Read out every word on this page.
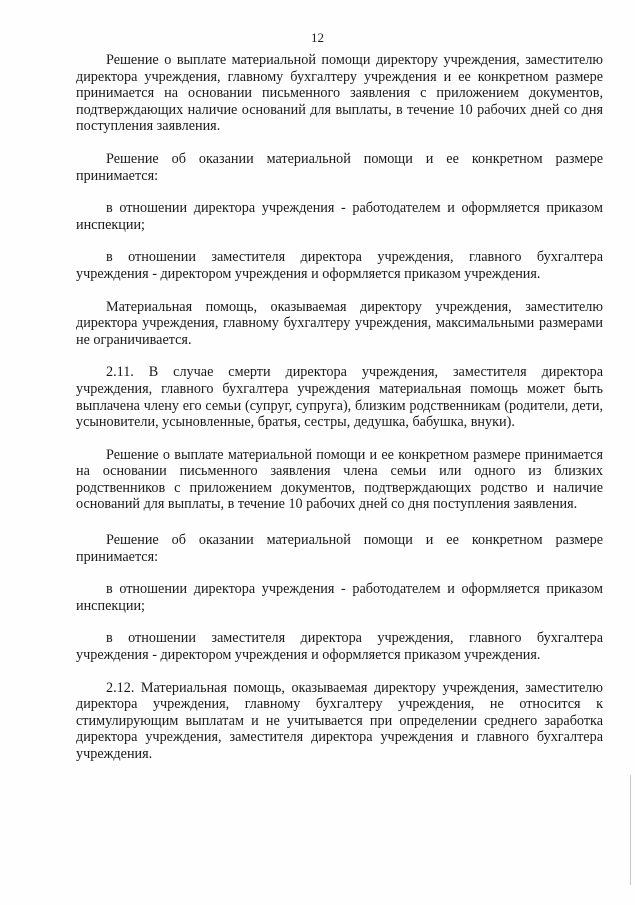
12

Решение о выплате материальной помощи директору учреждения, заместителю директора учреждения, главному бухгалтеру учреждения и ее конкретном размере принимается на основании письменного заявления с приложением документов, подтверждающих наличие оснований для выплаты, в течение 10 рабочих дней со дня поступления заявления.

Решение об оказании материальной помощи и ее конкретном размере принимается:

в отношении директора учреждения - работодателем и оформляется приказом инспекции;

в отношении заместителя директора учреждения, главного бухгалтера учреждения - директором учреждения и оформляется приказом учреждения.

Материальная помощь, оказываемая директору учреждения, заместителю директора учреждения, главному бухгалтеру учреждения, максимальными размерами не ограничивается.

2.11. В случае смерти директора учреждения, заместителя директора учреждения, главного бухгалтера учреждения материальная помощь может быть выплачена члену его семьи (супруг, супруга), близким родственникам (родители, дети, усыновители, усыновленные, братья, сестры, дедушка, бабушка, внуки).

Решение о выплате материальной помощи и ее конкретном размере принимается на основании письменного заявления члена семьи или одного из близких родственников с приложением документов, подтверждающих родство и наличие оснований для выплаты, в течение 10 рабочих дней со дня поступления заявления.

Решение об оказании материальной помощи и ее конкретном размере принимается:

в отношении директора учреждения - работодателем и оформляется приказом инспекции;

в отношении заместителя директора учреждения, главного бухгалтера учреждения - директором учреждения и оформляется приказом учреждения.

2.12. Материальная помощь, оказываемая директору учреждения, заместителю директора учреждения, главному бухгалтеру учреждения, не относится к стимулирующим выплатам и не учитывается при определении среднего заработка директора учреждения, заместителя директора учреждения и главного бухгалтера учреждения.
